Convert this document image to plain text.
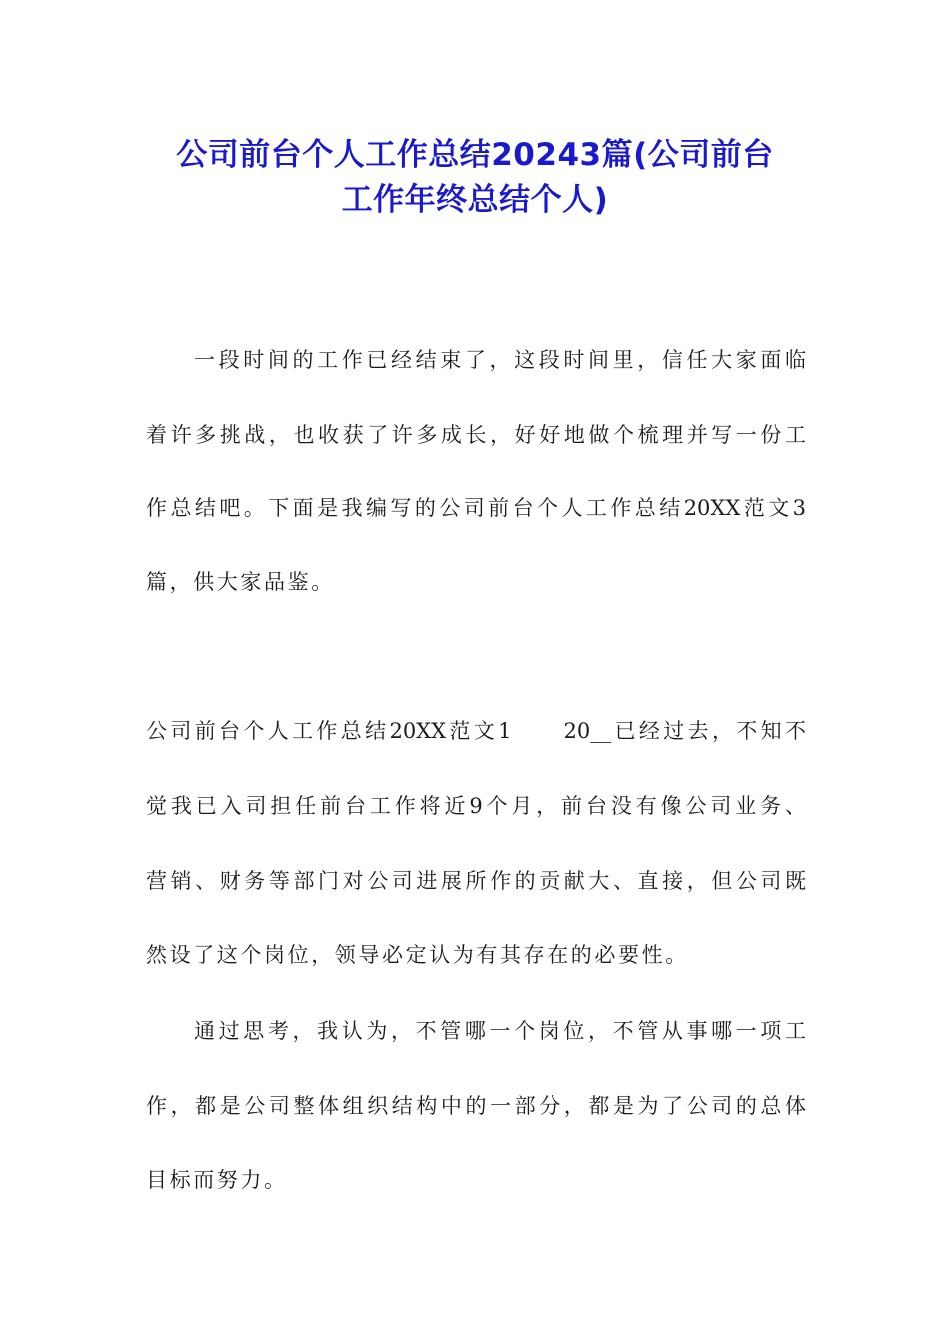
公司前台个人工作总结20243篇(公司前台
工作年终总结个人)
一段时间的工作已经结束了，这段时间里，信任大家面临
着许多挑战，也收获了许多成长，好好地做个梳理并写一份工
作总结吧。下面是我编写的公司前台个人工作总结20XX范文3
篇，供大家品鉴。
公司前台个人工作总结20XX范文1　　20__已经过去，不知不
觉我已入司担任前台工作将近9个月，前台没有像公司业务、
营销、财务等部门对公司进展所作的贡献大、直接，但公司既
然设了这个岗位，领导必定认为有其存在的必要性。
通过思考，我认为，不管哪一个岗位，不管从事哪一项工
作，都是公司整体组织结构中的一部分，都是为了公司的总体
目标而努力。
